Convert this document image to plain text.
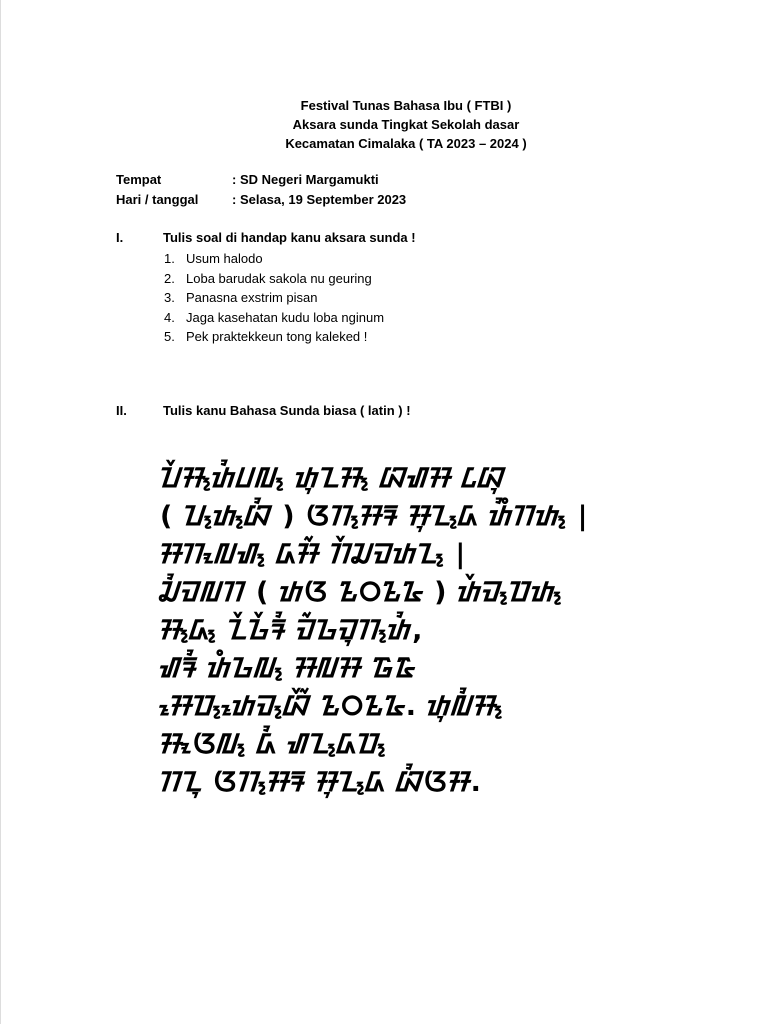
Festival Tunas Bahasa Ibu ( FTBI )
Aksara sunda Tingkat Sekolah dasar
Kecamatan Cimalaka ( TA 2023 – 2024 )
Tempat	: SD Negeri Margamukti
Hari / tanggal	: Selasa, 19 September 2023
I.	Tulis soal di handap kanu aksara sunda !
1. Usum halodo
2. Loba barudak sakola nu geuring
3. Panasna exstrim pisan
4. Jaga kasehatan kudu loba nginum
5. Pek praktekkeun tong kaleked !
II.	Tulis kanu Bahasa Sunda biasa ( latin ) !
ᮖᮨᮞ᮪ᮒᮤᮗᮜ᮪ ᮒᮥᮔᮞ᮪ ᮘᮠᮞ ᮄᮘᮥ
( ᮖ᮪ᮒ᮪ᮘᮤ ) ᮃᮊ᮪ᮞᮛ ᮞᮥᮔ᮪ᮓ ᮒᮤᮀᮊᮒ᮪ |
ᮞᮊᮧᮜᮠ᮪ ᮓᮞᮁ ᮊᮨᮎᮙᮒᮔ᮪ |
ᮎᮤᮙᮜᮊ ( ᮒᮃ ᮲᮰᮲᮳ ) ᮒᮨᮙ᮪ᮕᮒ᮪
ᮞ᮪ᮓ᮪ ᮔᮨᮌᮨᮛᮤ ᮙᮁᮌᮙᮥᮊ᮪ᮒᮤ,
ᮠᮛᮤ ᮒᮀᮌᮜ᮪ ᮞᮜᮞ ᮱᮹
ᮞᮦᮕ᮪ᮒᮦᮙ᮪ᮘᮨᮁ ᮲᮰᮲᮳. ᮒᮥᮜᮤᮞ᮪
ᮞᮧᮃᮜ᮪ ᮓᮤ ᮠᮔ᮪ᮓᮕ᮪
ᮊᮔᮥ ᮃᮊ᮪ᮞᮛ ᮞᮥᮔ᮪ᮓ ᮘᮤᮃᮞ.
